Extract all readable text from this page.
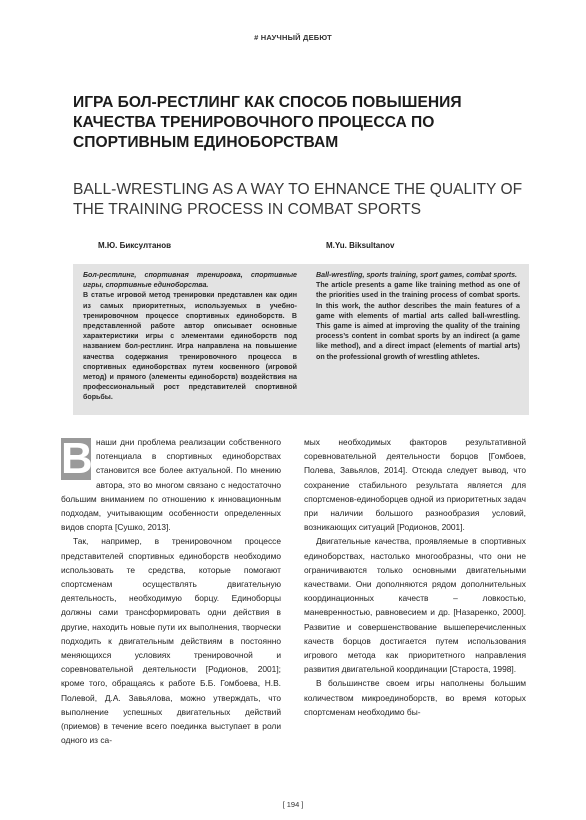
# НАУЧНЫЙ ДЕБЮТ
ИГРА БОЛ-РЕСТЛИНГ КАК СПОСОБ ПОВЫШЕНИЯ КАЧЕСТВА ТРЕНИРОВОЧНОГО ПРОЦЕССА ПО СПОРТИВНЫМ ЕДИНОБОРСТВАМ
BALL-WRESTLING AS A WAY TO EHNANCE THE QUALITY OF THE TRAINING PROCESS IN COMBAT SPORTS
М.Ю. Биксултанов	M.Yu. Biksultanov

Бол-рестлинг, спортивная тренировка, спортивные игры, спортивные единоборства.

В статье игровой метод тренировки представлен как один из самых приоритетных, используемых в учебно-тренировочном процессе спортивных единоборств. В представленной работе автор описывает основные характеристики игры с элементами единоборств под названием бол-рестлинг. Игра направлена на повышение качества содержания тренировочного процесса в спортивных единоборствах путем косвенного (игровой метод) и прямого (элементы единоборств) воздействия на профессиональный рост представителей спортивной борьбы.

Ball-wrestling, sports training, sport games, combat sports.

The article presents a game like training method as one of the priorities used in the training process of combat sports. In this work, the author describes the main features of a game with elements of martial arts called ball-wrestling. This game is aimed at improving the quality of the training process’s content in combat sports by an indirect (a game like method), and a direct impact (elements of martial arts) on the professional growth of wrestling athletes.

В наши дни проблема реализации собственного потенциала в спортивных единоборствах становится все более актуальной. По мнению автора, это во многом связано с недостаточно большим вниманием по отношению к инновационным подходам, учитывающим особенности определенных видов спорта [Сушко, 2013].

Так, например, в тренировочном процессе представителей спортивных единоборств необходимо использовать те средства, которые помогают спортсменам осуществлять двигательную деятельность, необходимую борцу. Единоборцы должны сами трансформировать одни действия в другие, находить новые пути их выполнения, творчески подходить к двигательным действиям в постоянно меняющихся условиях тренировочной и соревновательной деятельности [Родионов, 2001]; кроме того, обращаясь к работе Б.Б. Гомбоева, Н.В. Полевой, Д.А. Завьялова, можно утверждать, что выполнение успешных двигательных действий (приемов) в течение всего поединка выступает в роли одного из са-

мых необходимых факторов результативной соревновательной деятельности борцов [Гомбоев, Полева, Завьялов, 2014]. Отсюда следует вывод, что сохранение стабильного результата является для спортсменов-единоборцев одной из приоритетных задач при наличии большого разнообразия условий, возникающих ситуаций [Родионов, 2001].

Двигательные качества, проявляемые в спортивных единоборствах, настолько многообразны, что они не ограничиваются только основными двигательными качествами. Они дополняются рядом дополнительных координационных качеств – ловкостью, маневренностью, равновесием и др. [Назаренко, 2000]. Развитие и совершенствование вышеперечисленных качеств борцов достигается путем использования игрового метода как приоритетного направления развития двигательной координации [Староста, 1998].

В большинстве своем игры наполнены большим количеством микроединоборств, во время которых спортсменам необходимо бы-

[ 194 ]
